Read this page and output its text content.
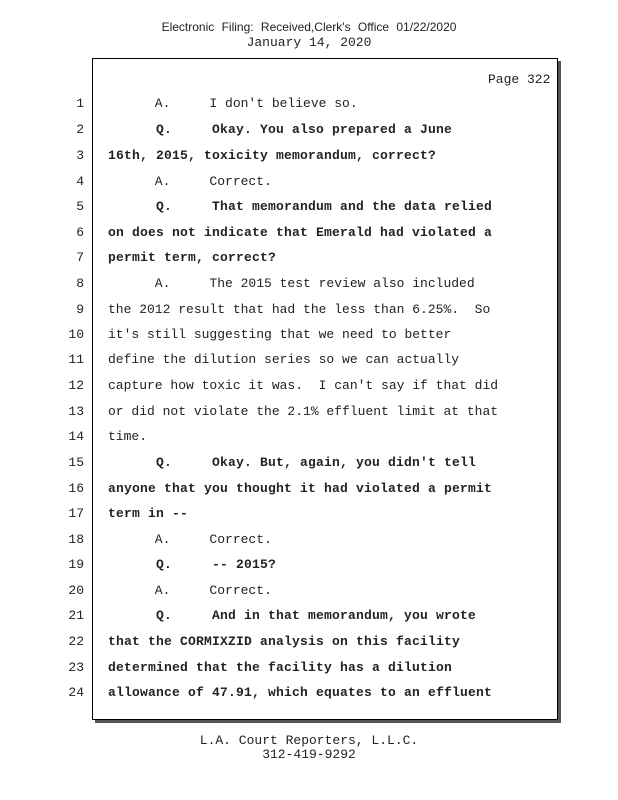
Electronic Filing: Received,Clerk's Office 01/22/2020
January 14, 2020
Page 322
1 A.     I don't believe so.
2 Q.     Okay. You also prepared a June
3 16th, 2015, toxicity memorandum, correct?
4 A.     Correct.
5 Q.     That memorandum and the data relied
6 on does not indicate that Emerald had violated a
7 permit term, correct?
8 A.     The 2015 test review also included
9 the 2012 result that had the less than 6.25%.  So
10 it's still suggesting that we need to better
11 define the dilution series so we can actually
12 capture how toxic it was.  I can't say if that did
13 or did not violate the 2.1% effluent limit at that
14 time.
15 Q.     Okay. But, again, you didn't tell
16 anyone that you thought it had violated a permit
17 term in --
18 A.     Correct.
19 Q.     -- 2015?
20 A.     Correct.
21 Q.     And in that memorandum, you wrote
22 that the CORMIXZID analysis on this facility
23 determined that the facility has a dilution
24 allowance of 47.91, which equates to an effluent
L.A. Court Reporters, L.L.C.
312-419-9292
